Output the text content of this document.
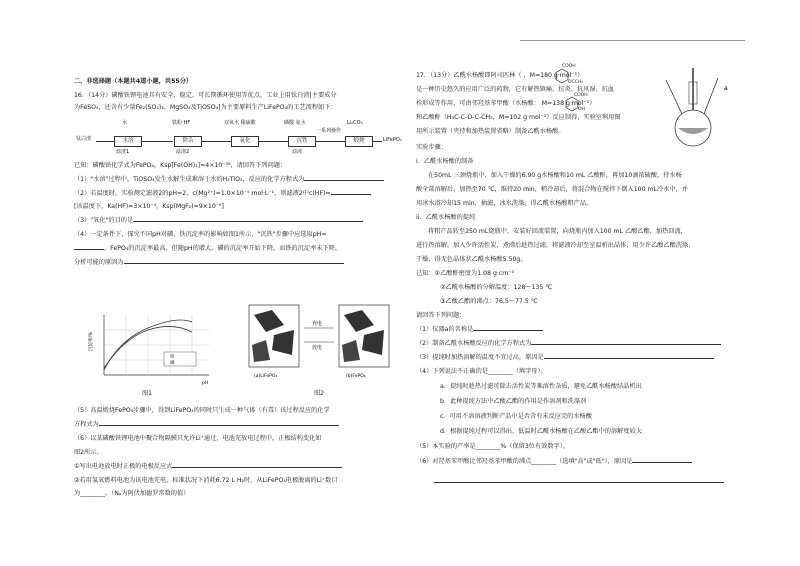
二、非选择题（本题共4道小题，共55分）
16．（14分）磷酸铁锂电池具有安全、稳定、可长期循环使用等优点。工业上用钛白渣[主要成分
为FeSO₄，还含有少量Fe₂(SO₄)₃、MgSO₄及TiOSO₄]为主要原料生产LiFePO₄的工艺流程如下：
钛白渣	水溶	除杂	氧化	沉铁
一系列操作
煅烧	LiFePO₄
水	铁粉 HF	双氧水 稀硫酸	磷酸 氨水	Li₂CO₃
滤渣1	滤渣2	滤液
已知：磷酸铁化学式为FePO₄，Ksp[Fe(OH)₃]=4×10⁻³⁸，请回答下列问题：
（1）"水溶"过程中，TiOSO₄发生水解生成难溶于水的H₂TiO₃，反应的化学方程式为
（2）若温度时，实验测定滤液2的pH=2，c(Mg²⁺)=1.0×10⁻⁵ mol·L⁻¹，则滤液2中c(HF)=
[该温度下，Ka(HF)=3×10⁻⁴，Ksp(MgF₂)=9×10⁻⁹]
（3）"氧化"的目的是
（4）一定条件下，探究不同pH对磷、铁沉淀率的影响如图1所示，"沉铁"步骤中应选取pH=
，FePO₄的沉淀率最高，但随pH的增大，磷的沉淀率开始下降，而铁的沉淀率未下降，
分析可能的原因为
铁
磷
沉淀率/%
pH
图1
充电
放电
(a)LiFePO₄	(b)FePO₄
图2
（5）高温煅烧FePO₄步骤中，得到LiFePO₄的同时只生成一种气体（有毒）该过程反应的化学
方程式为
（6）以某磷酸铁锂电池中聚合物隔膜只允许Li⁺通过，电池充放电过程中，正极结构变化如
图2所示。
①写出电池放电时正极的电极反应式
②若用氢氧燃料电池为该电池充电，标准状况下消耗6.72 L H₂时，从LiFePO₄电极脱离的Li⁺数目
为________。（Nₐ为阿伏加德罗常数的值）
17．（13分）乙酰水杨酸即阿司匹林（ ，M=180 g·mol⁻¹）
是一种历史悠久的应用广泛的药物，它有解热镇痛、抗炎、抗风湿、抗血
栓形成等作用，可由邻羟基苯甲酸（水杨酸： M=138 g·mol⁻¹）
和乙酸酐（H₃C-C-O-C-CH₃，M=102 g·mol⁻¹）反应制得，实验室利用图
用所示装置（夹持和加热装置省略）制备乙酰水杨酸。
COOH
OCCH₃
COOH
OH
a
实验步骤：
i．乙酰水杨酸的制备
在50mL 三颈烧瓶中，加入干燥的6.90 g水杨酸和10 mL 乙酸酐，再加10滴浓硫酸，待水杨
酸全部溶解后，加热至70 ℃，维持20 min，稍冷却后，将混合物在搅拌下倒入100 mL冷水中，并
用冰水浴冷却15 min，抽滤，冰水洗涤，得乙酰水杨酸粗产品。
ii．乙酰水杨酸的提纯
将粗产品转至250 mL烧瓶中，安装好回流装置，向烧瓶内加入100 mL 乙酸乙酯，加热回流，
进行热溶解。加入少许活性炭，煮沸后趁热过滤，将滤液冷却至室温析出晶体，用少许乙酸乙酯洗涤、
干燥，得无色晶体状乙酰水杨酸5.50g。
已知：①乙酸酐密度为1.08 g·cm⁻³
②乙酰水杨酸的分解温度：128～135 ℃
③乙酸乙酯的沸点：76.5～77.5 ℃
请回答下列问题：
（1）仪器a的名称是
（2）制备乙酰水杨酸反应的化学方程式为
（3）提纯时加热溶解的温度不宜过高，原因是
（4）下列说法不正确的是________（填字母）。
a．提纯时趁热过滤可除去活性炭等难溶性杂质，避免乙酰水杨酸结晶析出
b．此种提纯方法中乙酸乙酯的作用是作溶剂和洗涤剂
c．可用不溶溶液判断产品中是否含有未反应完的水杨酸
d．根据提纯过程可以得出，低温时乙酰水杨酸在乙酸乙酯中的溶解度较大
（5）本实验的产率是________%（保留3位有效数字）。
（6）对羟基苯甲酸比邻羟基苯甲酸的沸点________（选填"高"或"低"），原因是
